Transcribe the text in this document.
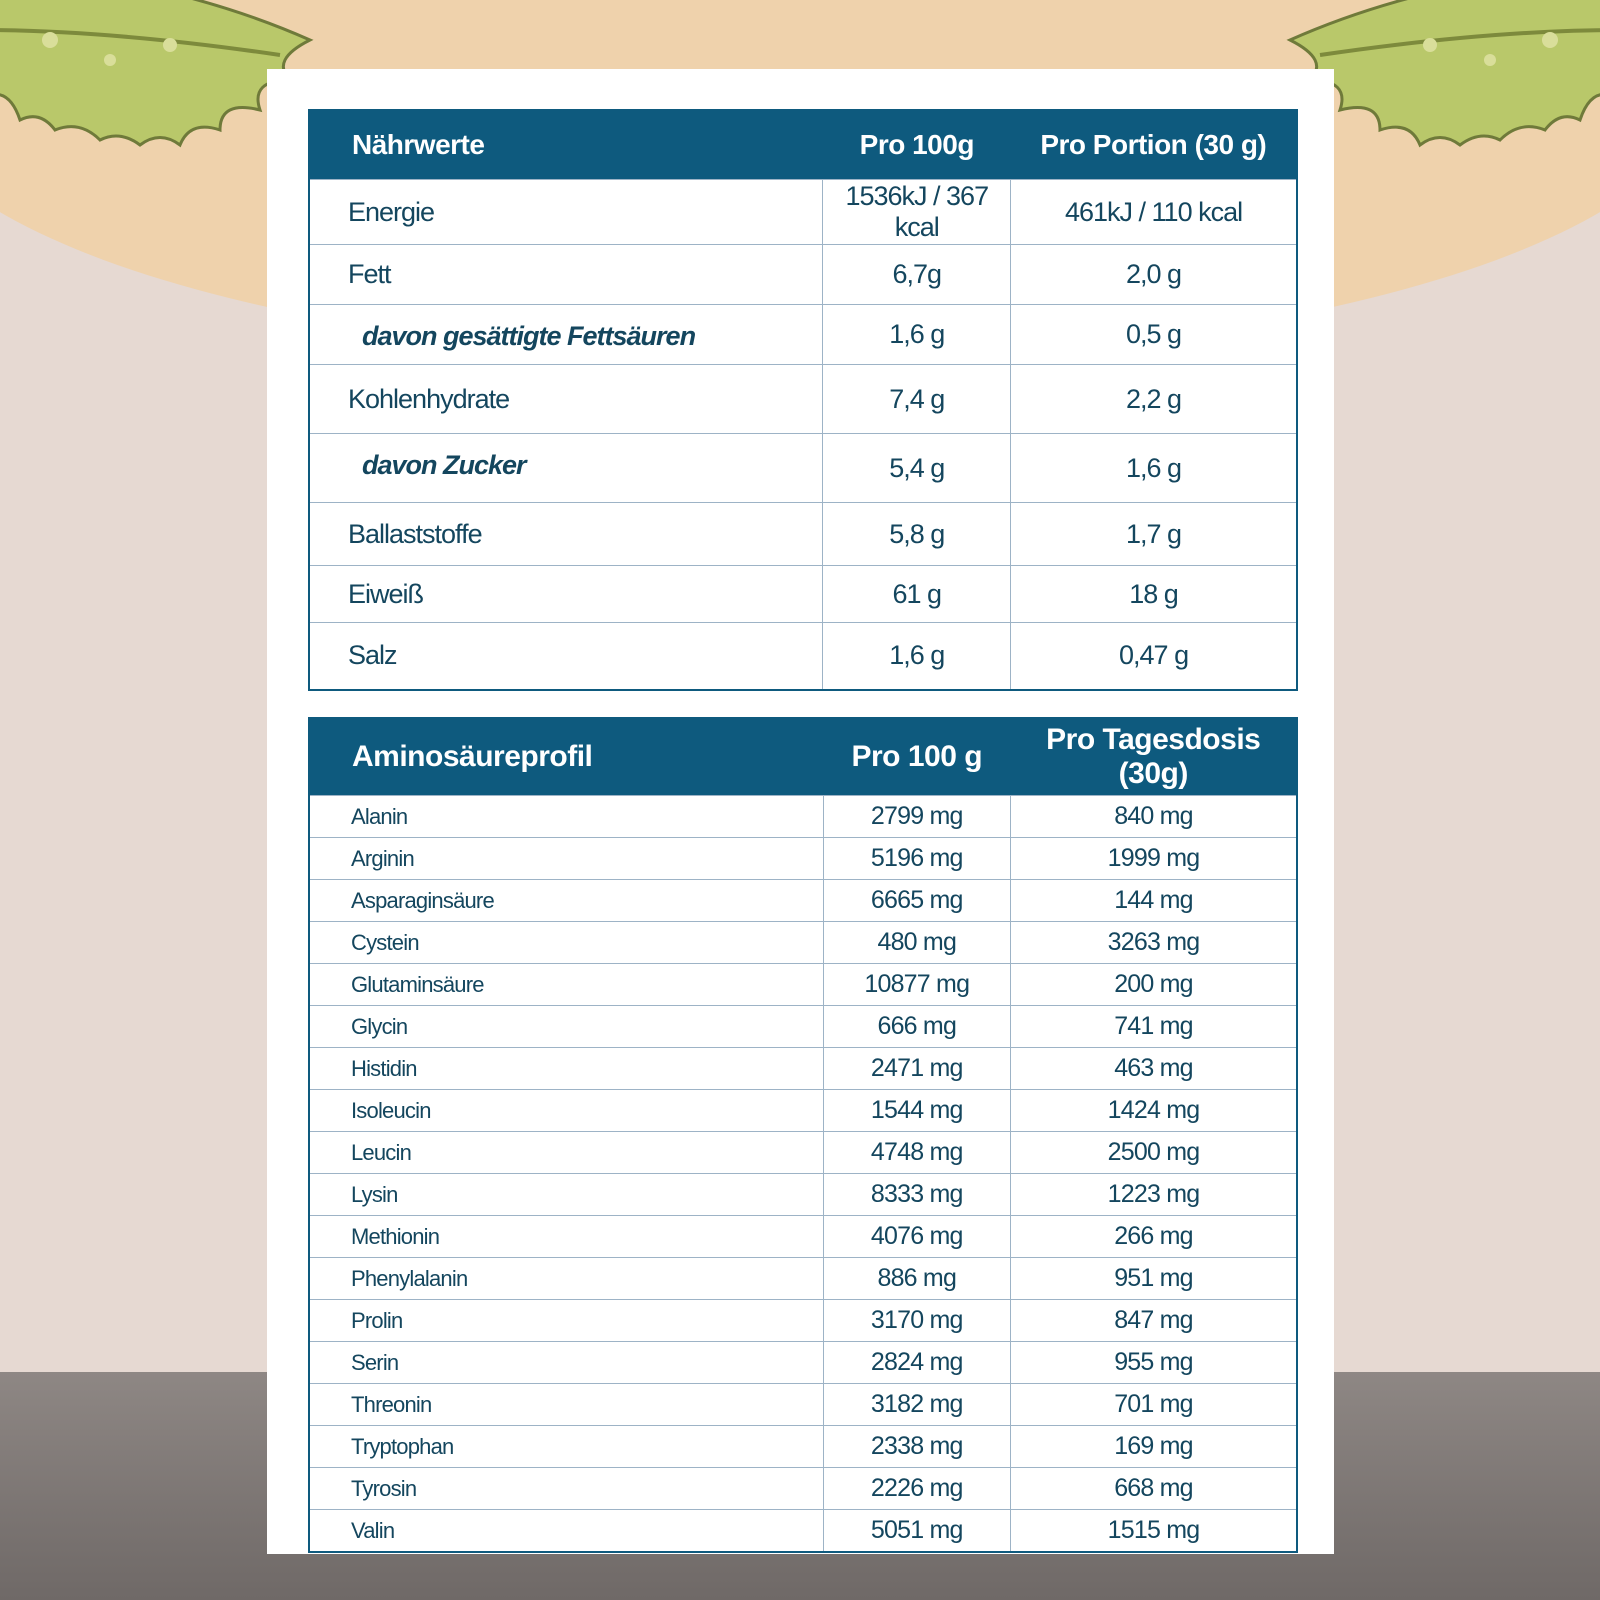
Nährwerte	Pro 100g	Pro Portion (30 g)
Energie	1536kJ / 367 kcal	461kJ / 110 kcal
Fett	6,7g	2,0 g
davon gesättigte Fettsäuren	1,6 g	0,5 g
Kohlenhydrate	7,4 g	2,2 g
davon Zucker	5,4 g	1,6 g
Ballaststoffe	5,8 g	1,7 g
Eiweiß	61 g	18 g
Salz	1,6 g	0,47 g
Aminosäureprofil	Pro 100 g	Pro Tagesdosis (30g)
Alanin	2799 mg	840 mg
Arginin	5196 mg	1999 mg
Asparaginsäure	6665 mg	144 mg
Cystein	480 mg	3263 mg
Glutaminsäure	10877 mg	200 mg
Glycin	666 mg	741 mg
Histidin	2471 mg	463 mg
Isoleucin	1544 mg	1424 mg
Leucin	4748 mg	2500 mg
Lysin	8333 mg	1223 mg
Methionin	4076 mg	266 mg
Phenylalanin	886 mg	951 mg
Prolin	3170 mg	847 mg
Serin	2824 mg	955 mg
Threonin	3182 mg	701 mg
Tryptophan	2338 mg	169 mg
Tyrosin	2226 mg	668 mg
Valin	5051 mg	1515 mg
